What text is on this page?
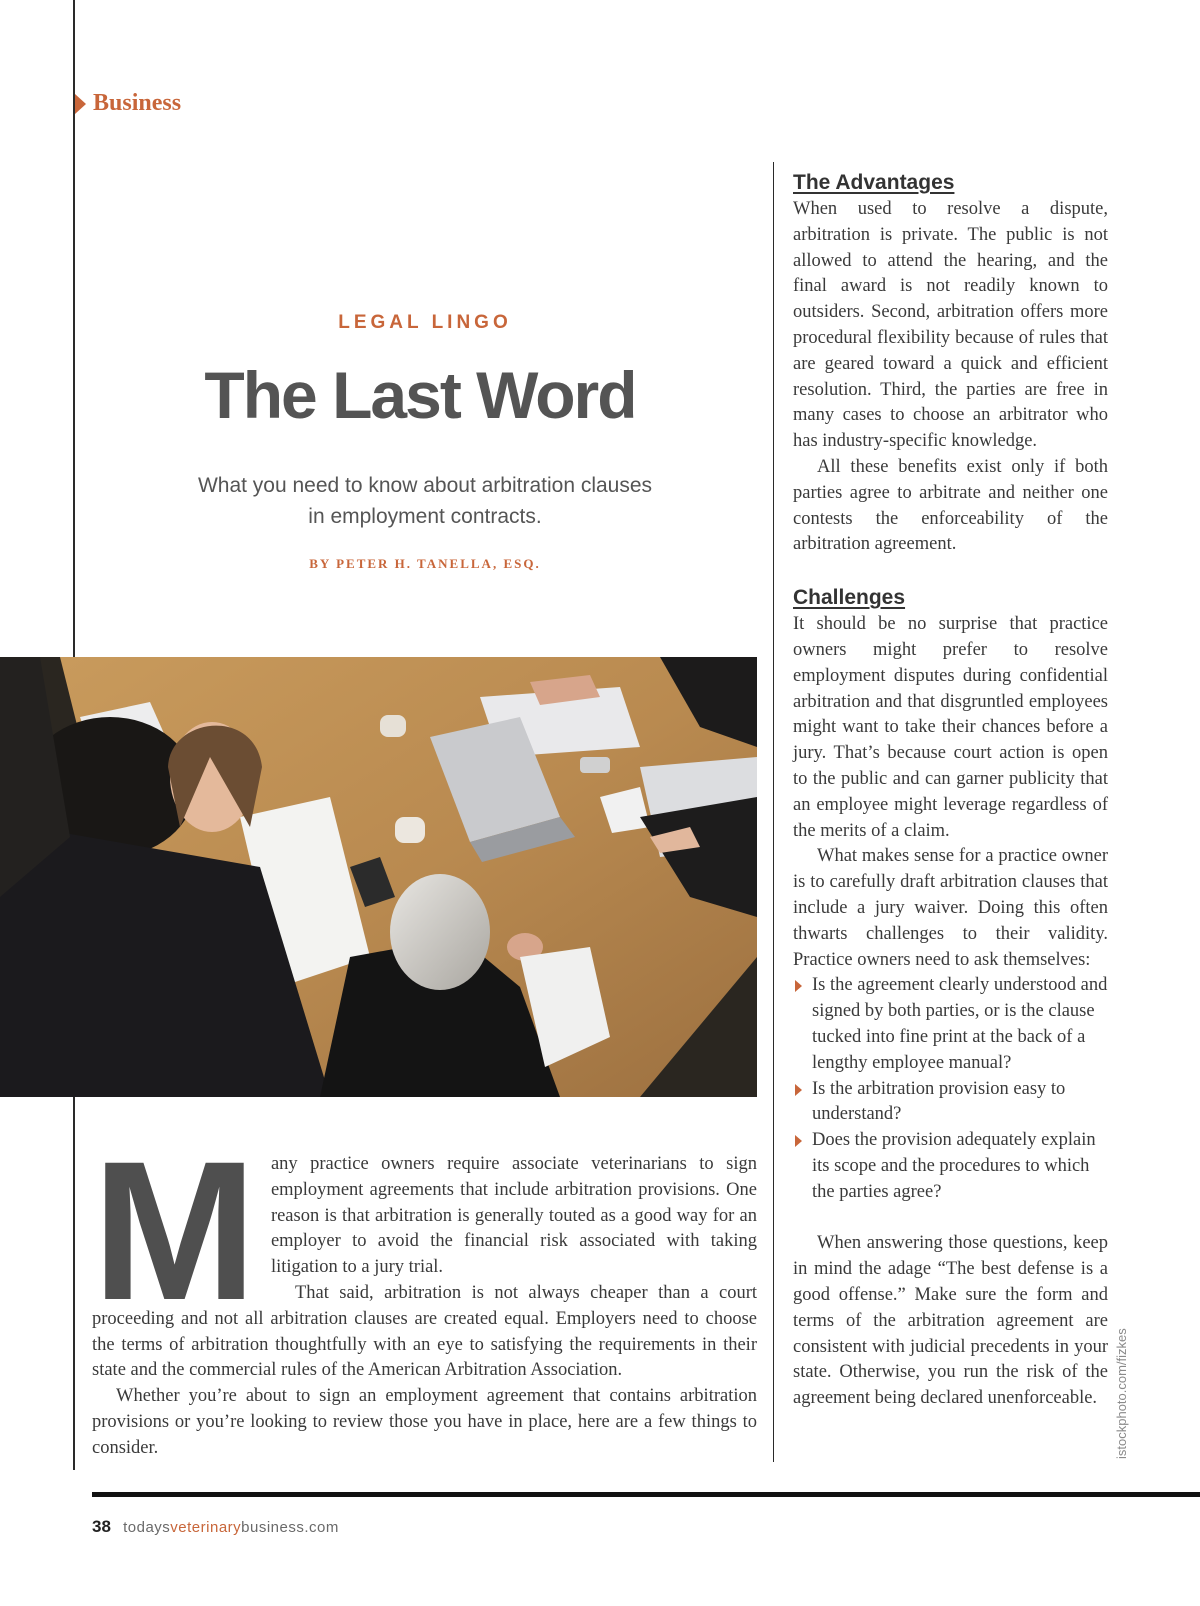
Business
LEGAL LINGO
The Last Word
What you need to know about arbitration clauses
in employment contracts.
BY PETER H. TANELLA, ESQ.
M any practice owners require associate veterinarians to sign employment agreements that include arbitration provisions. One reason is that arbitration is generally touted as a good way for an employer to avoid the financial risk associated with taking litigation to a jury trial.

That said, arbitration is not always cheaper than a court proceeding and not all arbitration clauses are created equal. Employers need to choose the terms of arbitration thoughtfully with an eye to satisfying the requirements in their state and the commercial rules of the American Arbitration Association.

Whether you’re about to sign an employment agreement that contains arbitration provisions or you’re looking to review those you have in place, here are a few things to consider.

The Advantages

When used to resolve a dispute, arbitration is private. The public is not allowed to attend the hearing, and the final award is not readily known to outsiders. Second, arbitration offers more procedural flexibility because of rules that are geared toward a quick and efficient resolution. Third, the parties are free in many cases to choose an arbitrator who has industry-specific knowledge.

All these benefits exist only if both parties agree to arbitrate and neither one contests the enforceability of the arbitration agreement.

Challenges

It should be no surprise that practice owners might prefer to resolve employment disputes during confidential arbitration and that disgruntled employees might want to take their chances before a jury. That’s because court action is open to the public and can garner publicity that an employee might leverage regardless of the merits of a claim.

What makes sense for a practice owner is to carefully draft arbitration clauses that include a jury waiver. Doing this often thwarts challenges to their validity. Practice owners need to ask themselves:

Is the agreement clearly understood and signed by both parties, or is the clause tucked into fine print at the back of a lengthy employee manual?
Is the arbitration provision easy to understand?
Does the provision adequately explain its scope and the procedures to which the parties agree?

When answering those questions, keep in mind the adage “The best defense is a good offense.” Make sure the form and terms of the arbitration agreement are consistent with judicial precedents in your state. Otherwise, you run the risk of the agreement being declared unenforceable.	istockphoto.com/fizkes
38 todaysveterinarybusiness.com
